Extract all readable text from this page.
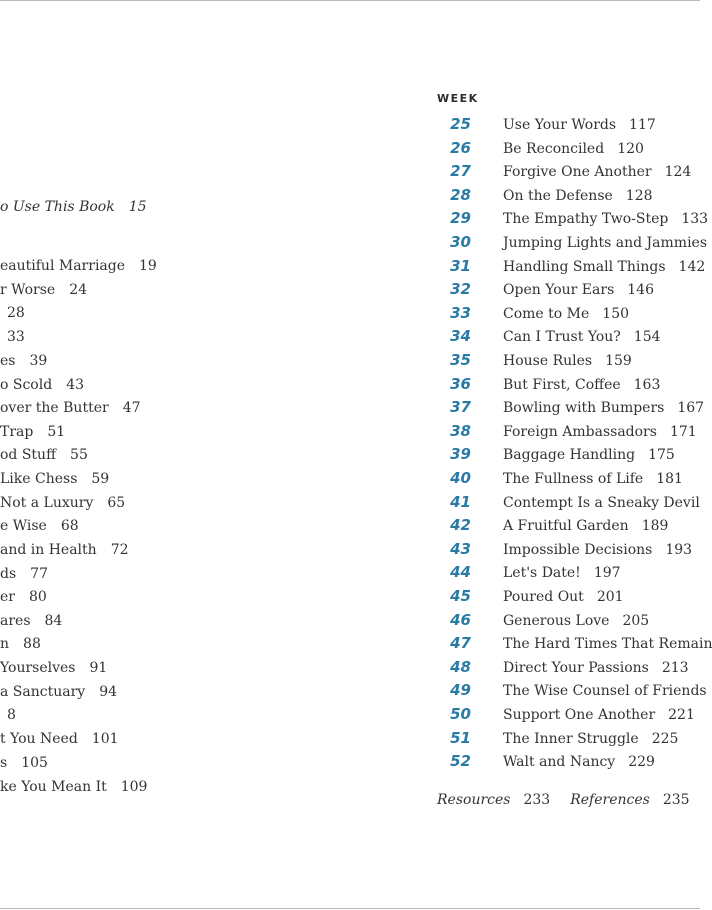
o Use This Book 15
eautiful Marriage 19
r Worse 24
28
33
es 39
o Scold 43
over the Butter 47
Trap 51
od Stuff 55
Like Chess 59
Not a Luxury 65
e Wise 68
and in Health 72
ds 77
er 80
ares 84
n 88
Yourselves 91
a Sanctuary 94
8
t You Need 101
s 105
ke You Mean It 109
WEEK
25 Use Your Words 117
26 Be Reconciled 120
27 Forgive One Another 124
28 On the Defense 128
29 The Empathy Two-Step 133
30 Jumping Lights and Jammies
31 Handling Small Things 142
32 Open Your Ears 146
33 Come to Me 150
34 Can I Trust You? 154
35 House Rules 159
36 But First, Coffee 163
37 Bowling with Bumpers 167
38 Foreign Ambassadors 171
39 Baggage Handling 175
40 The Fullness of Life 181
41 Contempt Is a Sneaky Devil
42 A Fruitful Garden 189
43 Impossible Decisions 193
44 Let's Date! 197
45 Poured Out 201
46 Generous Love 205
47 The Hard Times That Remain
48 Direct Your Passions 213
49 The Wise Counsel of Friends
50 Support One Another 221
51 The Inner Struggle 225
52 Walt and Nancy 229
Resources 233 References 235
